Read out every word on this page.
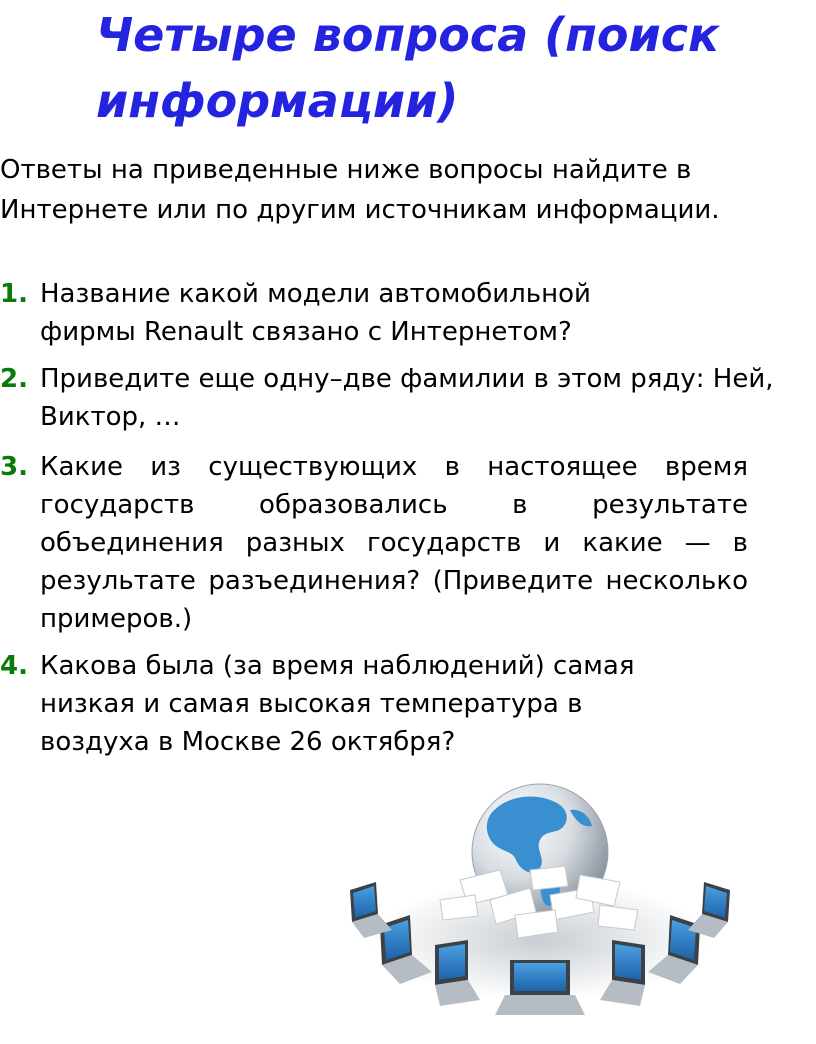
Четыре вопроса (поиск информации)

Ответы на приведенные ниже вопросы найдите в Интернете или по другим источникам информации.

1. Название какой модели автомобильной фирмы Renault связано с Интернетом?
2. Приведите еще одну–две фамилии в этом ряду: Ней, Виктор, …
3. Какие из существующих в настоящее время государств образовались в результате объединения разных государств и какие — в результате разъединения? (Приведите несколько примеров.)
4. Какова была (за время наблюдений) самая низкая и самая высокая температура в воздуха в Москве 26 октября?
